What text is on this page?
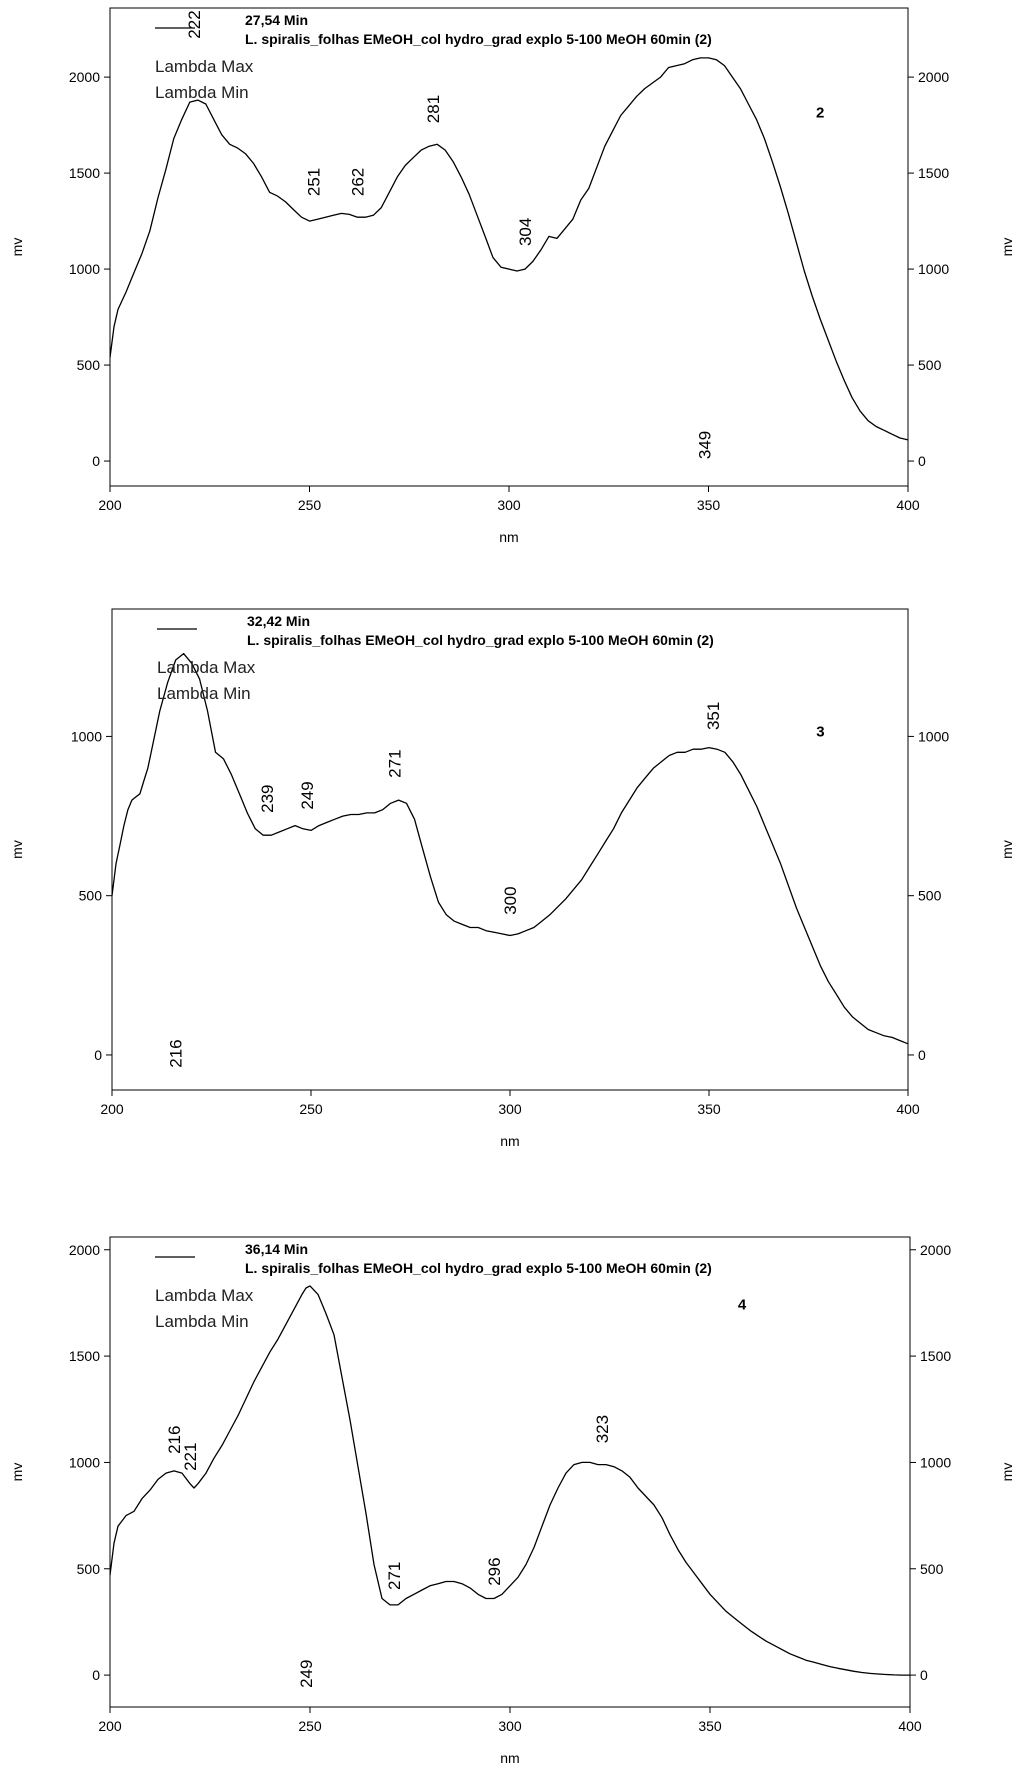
200	250	300	350	400
0	0
500	500
1000	1000
1500	1500
2000	2000
nm
mv	mv
27,54 Min
L. spiralis_folhas EMeOH_col hydro_grad explo 5-100 MeOH 60min (2)
Lambda Max
Lambda Min
2
222
251 262
281
304
349
200	250	300	350	400
0	0
500	500
1000	1000
nm
mv	mv
32,42 Min
L. spiralis_folhas EMeOH_col hydro_grad explo 5-100 MeOH 60min (2)
Lambda Max
Lambda Min
3
216
239 249
271
300
351
200	250	300	350	400
0	0
500	500
1000	1000
1500	1500
2000	2000
nm
mv	mv
36,14 Min
L. spiralis_folhas EMeOH_col hydro_grad explo 5-100 MeOH 60min (2)
Lambda Max
Lambda Min
4
216
221
249
271	296
323
